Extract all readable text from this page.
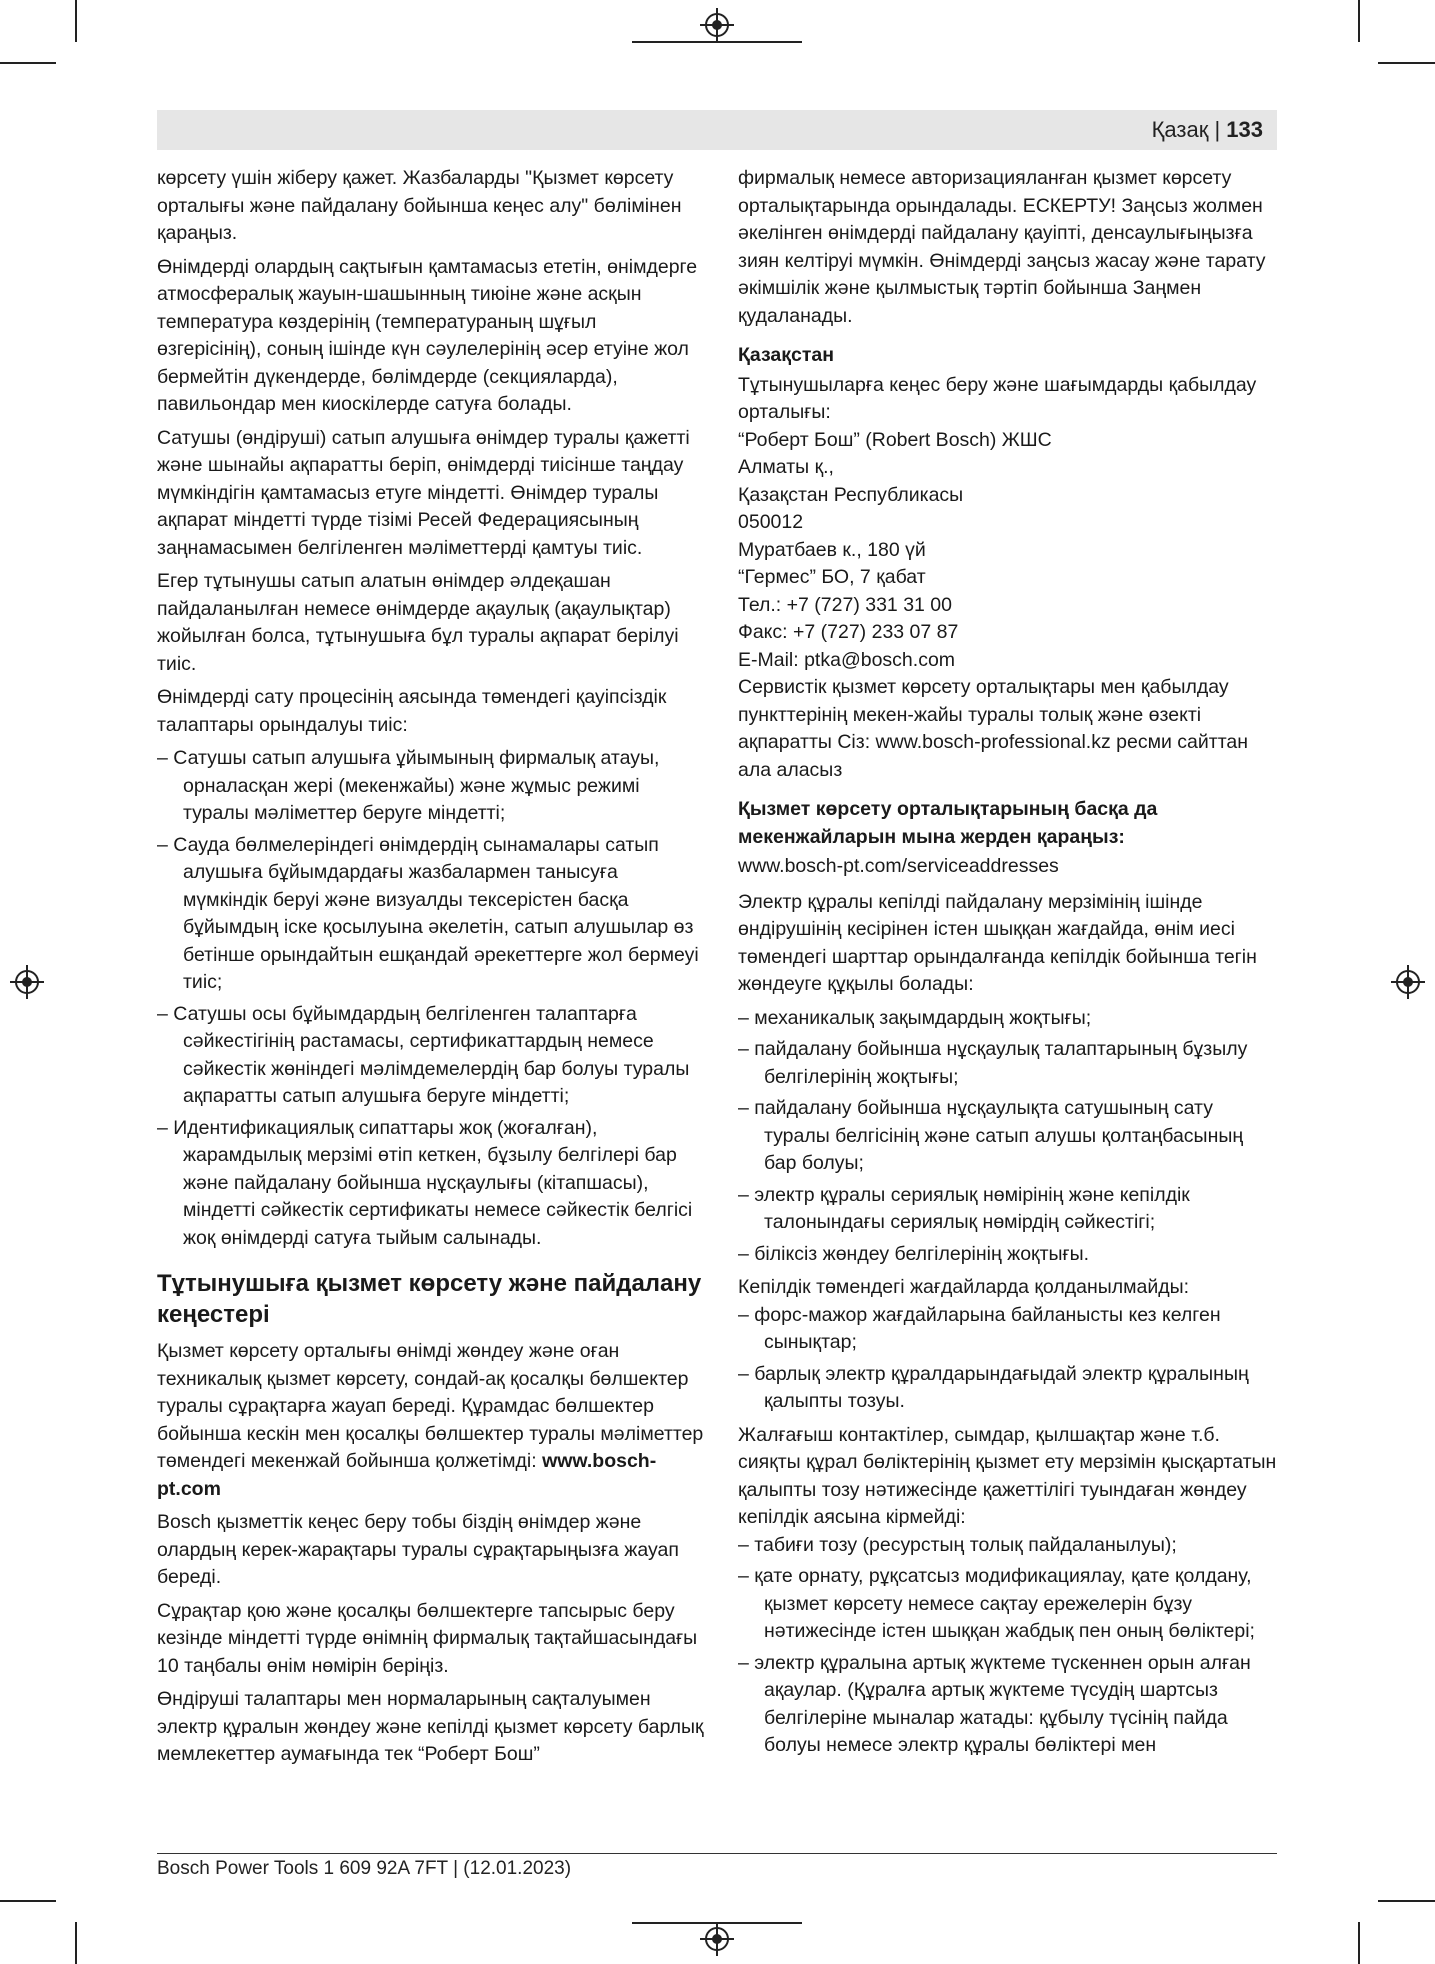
Қазақ | 133

көрсету үшін жіберу қажет. Жазбаларды "Қызмет көрсету орталығы және пайдалану бойынша кеңес алу" бөлімінен қараңыз.

Өнімдерді олардың сақтығын қамтамасыз ететін, өнімдерге атмосфералық жауын-шашынның тиюіне және асқын температура көздерінің (температураның шұғыл өзгерісінің), соның ішінде күн сәулелерінің әсер етуіне жол бермейтін дүкендерде, бөлімдерде (секцияларда), павильондар мен киоскілерде сатуға болады.

Сатушы (өндіруші) сатып алушыға өнімдер туралы қажетті және шынайы ақпаратты беріп, өнімдерді тиісінше таңдау мүмкіндігін қамтамасыз етуге міндетті. Өнімдер туралы ақпарат міндетті түрде тізімі Ресей Федерациясының заңнамасымен белгіленген мәліметтерді қамтуы тиіс.

Егер тұтынушы сатып алатын өнімдер әлдеқашан пайдаланылған немесе өнімдерде ақаулық (ақаулықтар) жойылған болса, тұтынушыға бұл туралы ақпарат берілуі тиіс.

Өнімдерді сату процесінің аясында төмендегі қауіпсіздік талаптары орындалуы тиіс:

– Сатушы сатып алушыға ұйымының фирмалық атауы, орналасқан жері (мекенжайы) және жұмыс режимі туралы мәліметтер беруге міндетті;
– Сауда бөлмелеріндегі өнімдердің сынамалары сатып алушыға бұйымдардағы жазбалармен танысуға мүмкіндік беруі және визуалды тексерістен басқа бұйымдың іске қосылуына әкелетін, сатып алушылар өз бетінше орындайтын ешқандай әрекеттерге жол бермеуі тиіс;
– Сатушы осы бұйымдардың белгіленген талаптарға сәйкестігінің растамасы, сертификаттардың немесе сәйкестік жөніндегі мәлімдемелердің бар болуы туралы ақпаратты сатып алушыға беруге міндетті;
– Идентификациялық сипаттары жоқ (жоғалған), жарамдылық мерзімі өтіп кеткен, бұзылу белгілері бар және пайдалану бойынша нұсқаулығы (кітапшасы), міндетті сәйкестік сертификаты немесе сәйкестік белгісі жоқ өнімдерді сатуға тыйым салынады.
Тұтынушыға қызмет көрсету және пайдалану кеңестері

Қызмет көрсету орталығы өнімді жөндеу және оған техникалық қызмет көрсету, сондай-ақ қосалқы бөлшектер туралы сұрақтарға жауап береді. Құрамдас бөлшектер бойынша кескін мен қосалқы бөлшектер туралы мәліметтер төмендегі мекенжай бойынша қолжетімді: www.bosch-pt.com

Bosch қызметтік кеңес беру тобы біздің өнімдер және олардың керек-жарақтары туралы сұрақтарыңызға жауап береді.

Сұрақтар қою және қосалқы бөлшектерге тапсырыс беру кезінде міндетті түрде өнімнің фирмалық тақтайшасындағы 10 таңбалы өнім нөмірін беріңіз.

Өндіруші талаптары мен нормаларының сақталуымен электр құралын жөндеу және кепілді қызмет көрсету барлық мемлекеттер аумағында тек “Роберт Бош”

фирмалық немесе авторизацияланған қызмет көрсету орталықтарында орындалады. ЕСКЕРТУ! Заңсыз жолмен әкелінген өнімдерді пайдалану қауіпті, денсаулығыңызға зиян келтіруі мүмкін. Өнімдерді заңсыз жасау және тарату әкімшілік және қылмыстық тәртіп бойынша Заңмен қудаланады.

Қазақстан

Тұтынушыларға кеңес беру және шағымдарды қабылдау орталығы:

“Роберт Бош” (Robert Bosch) ЖШС
Алматы қ.,
Қазақстан Республикасы
050012
Муратбаев к., 180 үй
“Гермес” БО, 7 қабат
Тел.: +7 (727) 331 31 00
Факс: +7 (727) 233 07 87
E-Mail: ptka@bosch.com

Сервистік қызмет көрсету орталықтары мен қабылдау пункттерінің мекен-жайы туралы толық және өзекті ақпаратты Сіз: www.bosch-professional.kz ресми сайттан ала аласыз

Қызмет көрсету орталықтарының басқа да мекенжайларын мына жерден қараңыз:

www.bosch-pt.com/serviceaddresses

Электр құралы кепілді пайдалану мерзімінің ішінде өндірушінің кесірінен істен шыққан жағдайда, өнім иесі төмендегі шарттар орындалғанда кепілдік бойынша тегін жөндеуге құқылы болады:

– механикалық зақымдардың жоқтығы;
– пайдалану бойынша нұсқаулық талаптарының бұзылу белгілерінің жоқтығы;
– пайдалану бойынша нұсқаулықта сатушының сату туралы белгісінің және сатып алушы қолтаңбасының бар болуы;
– электр құралы сериялық нөмірінің және кепілдік талонындағы сериялық нөмірдің сәйкестігі;
– біліксіз жөндеу белгілерінің жоқтығы.

Кепілдік төмендегі жағдайларда қолданылмайды:

– форс-мажор жағдайларына байланысты кез келген сынықтар;
– барлық электр құралдарындағыдай электр құралының қалыпты тозуы.

Жалғағыш контактілер, сымдар, қылшақтар және т.б. сияқты құрал бөліктерінің қызмет ету мерзімін қысқартатын қалыпты тозу нәтижесінде қажеттілігі туындаған жөндеу кепілдік аясына кірмейді:

– табиғи тозу (ресурстың толық пайдаланылуы);
– қате орнату, рұқсатсыз модификациялау, қате қолдану, қызмет көрсету немесе сақтау ережелерін бұзу нәтижесінде істен шыққан жабдық пен оның бөліктері;
– электр құралына артық жүктеме түскеннен орын алған ақаулар. (Құралға артық жүктеме түсудің шартсыз белгілеріне мыналар жатады: құбылу түсінің пайда болуы немесе электр құралы бөліктері мен
Bosch Power Tools 1 609 92A 7FT | (12.01.2023)
